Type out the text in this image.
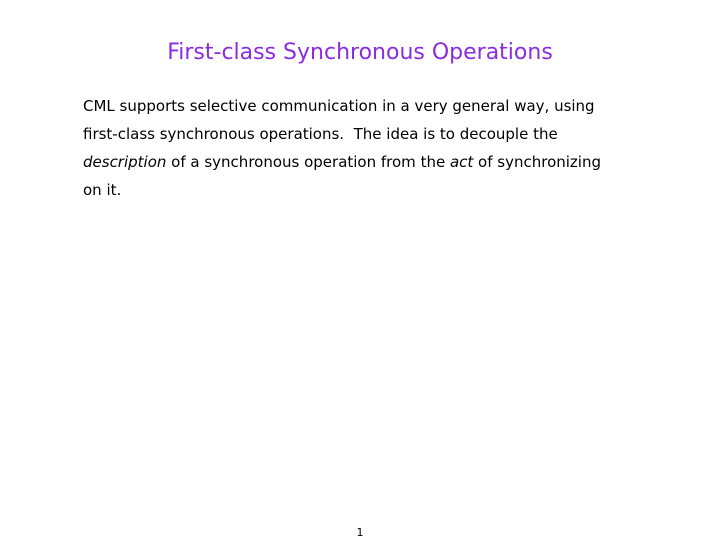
First-class Synchronous Operations
CML supports selective communication in a very general way, using
first-class synchronous operations.  The idea is to decouple the
description of a synchronous operation from the act of synchronizing
on it.
1
